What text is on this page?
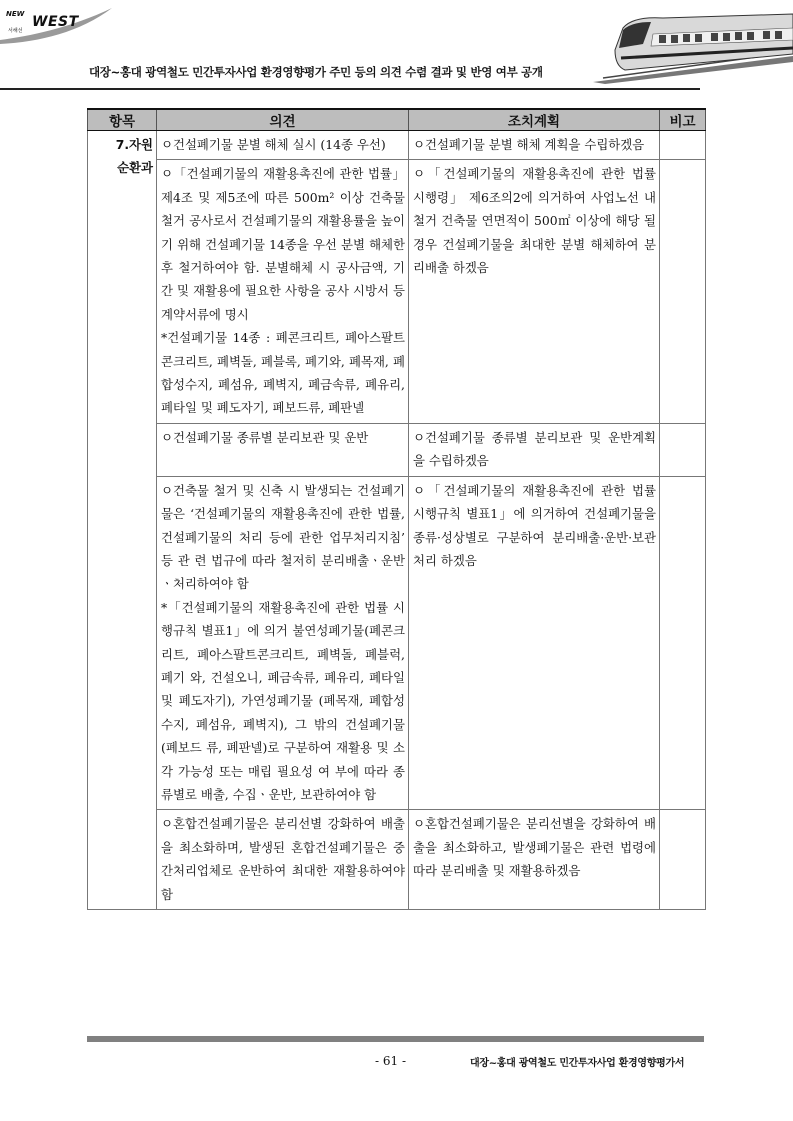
NEW WEST
서해선
대장~홍대 광역철도 민간투자사업 환경영향평가 주민 등의 의견 수렴 결과 및 반영 여부 공개
항목	의견	조치계획	비고
7.자원
순환과	ㅇ건설폐기물 분별 해체 실시 (14종 우선)	ㅇ건설폐기물 분별 해체 계획을 수립하겠음	

	ㅇ「건설폐기물의 재활용촉진에 관한 법률」 제4조 및 제5조에 따른 500m² 이상 건축물 철거 공사로서 건설폐기물의 재활용률을 높이기 위해 건설폐기물 14종을 우선 분별 해체한 후 철거하여야 함. 분별해체 시 공사금액, 기간 및 재활용에 필요한 사항을 공사 시방서 등 계약서류에 명시
*건설폐기물 14종 : 폐콘크리트, 폐아스팔트콘크리트, 폐벽돌, 폐블록, 폐기와, 폐목재, 폐합성수지, 폐섬유, 폐벽지, 폐금속류, 폐유리,폐타일 및 폐도자기, 폐보드류, 폐판넬	ㅇ「건설폐기물의 재활용촉진에 관한 법률 시행령」 제6조의2에 의거하여 사업노선 내 철거 건축물 연면적이 500㎡ 이상에 해당 될 경우 건설폐기물을 최대한 분별 해체하여 분리배출 하겠음	

	ㅇ건설폐기물 종류별 분리보관 및 운반	ㅇ건설폐기물 종류별 분리보관 및 운반계획을 수립하겠음	

	ㅇ건축물 철거 및 신축 시 발생되는 건설폐기물은 ‘건설폐기물의 재활용촉진에 관한 법률, 건설폐기물의 처리 등에 관한 업무처리지침’ 등 관 련 법규에 따라 철저히 분리배출ㆍ운반ㆍ처리하여야 함
*「건설폐기물의 재활용촉진에 관한 법률 시행규칙 별표1」에 의거 불연성폐기물(폐콘크리트, 폐아스팔트콘크리트, 폐벽돌, 폐블럭, 폐기 와, 건설오니, 폐금속류, 폐유리, 폐타일 및 폐도자기), 가연성폐기물 (폐목재, 폐합성수지, 폐섬유, 폐벽지), 그 밖의 건설폐기물(폐보드 류, 폐판넬)로 구분하여 재활용 및 소각 가능성 또는 매립 필요성 여 부에 따라 종류별로 배출, 수집ㆍ운반, 보관하여야 함	ㅇ「건설폐기물의 재활용촉진에 관한 법률 시행규칙 별표1」에 의거하여 건설폐기물을 종류·성상별로 구분하여 분리배출·운반·보관처리 하겠음	

	ㅇ혼합건설폐기물은 분리선별 강화하여 배출을 최소화하며, 발생된 혼합건설폐기물은 중간처리업체로 운반하여 최대한 재활용하여야 함	ㅇ혼합건설폐기물은 분리선별을 강화하여 배출을 최소화하고, 발생폐기물은 관련 법령에 따라 분리배출 및 재활용하겠음	

- 61 -	대장~홍대 광역철도 민간투자사업 환경영향평가서
